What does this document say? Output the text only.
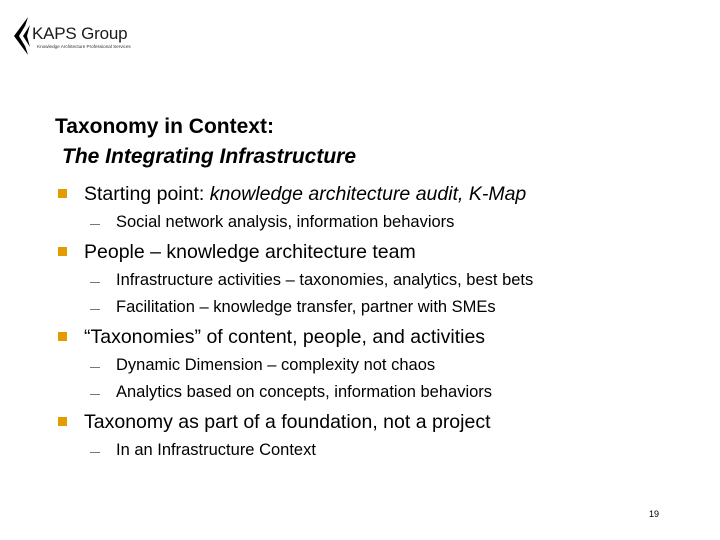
KAPS Group
Knowledge Architecture Professional Services
Taxonomy in Context:
The Integrating Infrastructure
Starting point: knowledge architecture audit, K-Map
Social network analysis, information behaviors
People – knowledge architecture team
Infrastructure activities – taxonomies, analytics, best bets
Facilitation – knowledge transfer, partner with SMEs
“Taxonomies” of content, people, and activities
Dynamic Dimension – complexity not chaos
Analytics based on concepts, information behaviors
Taxonomy as part of a foundation, not a project
In an Infrastructure Context
19
